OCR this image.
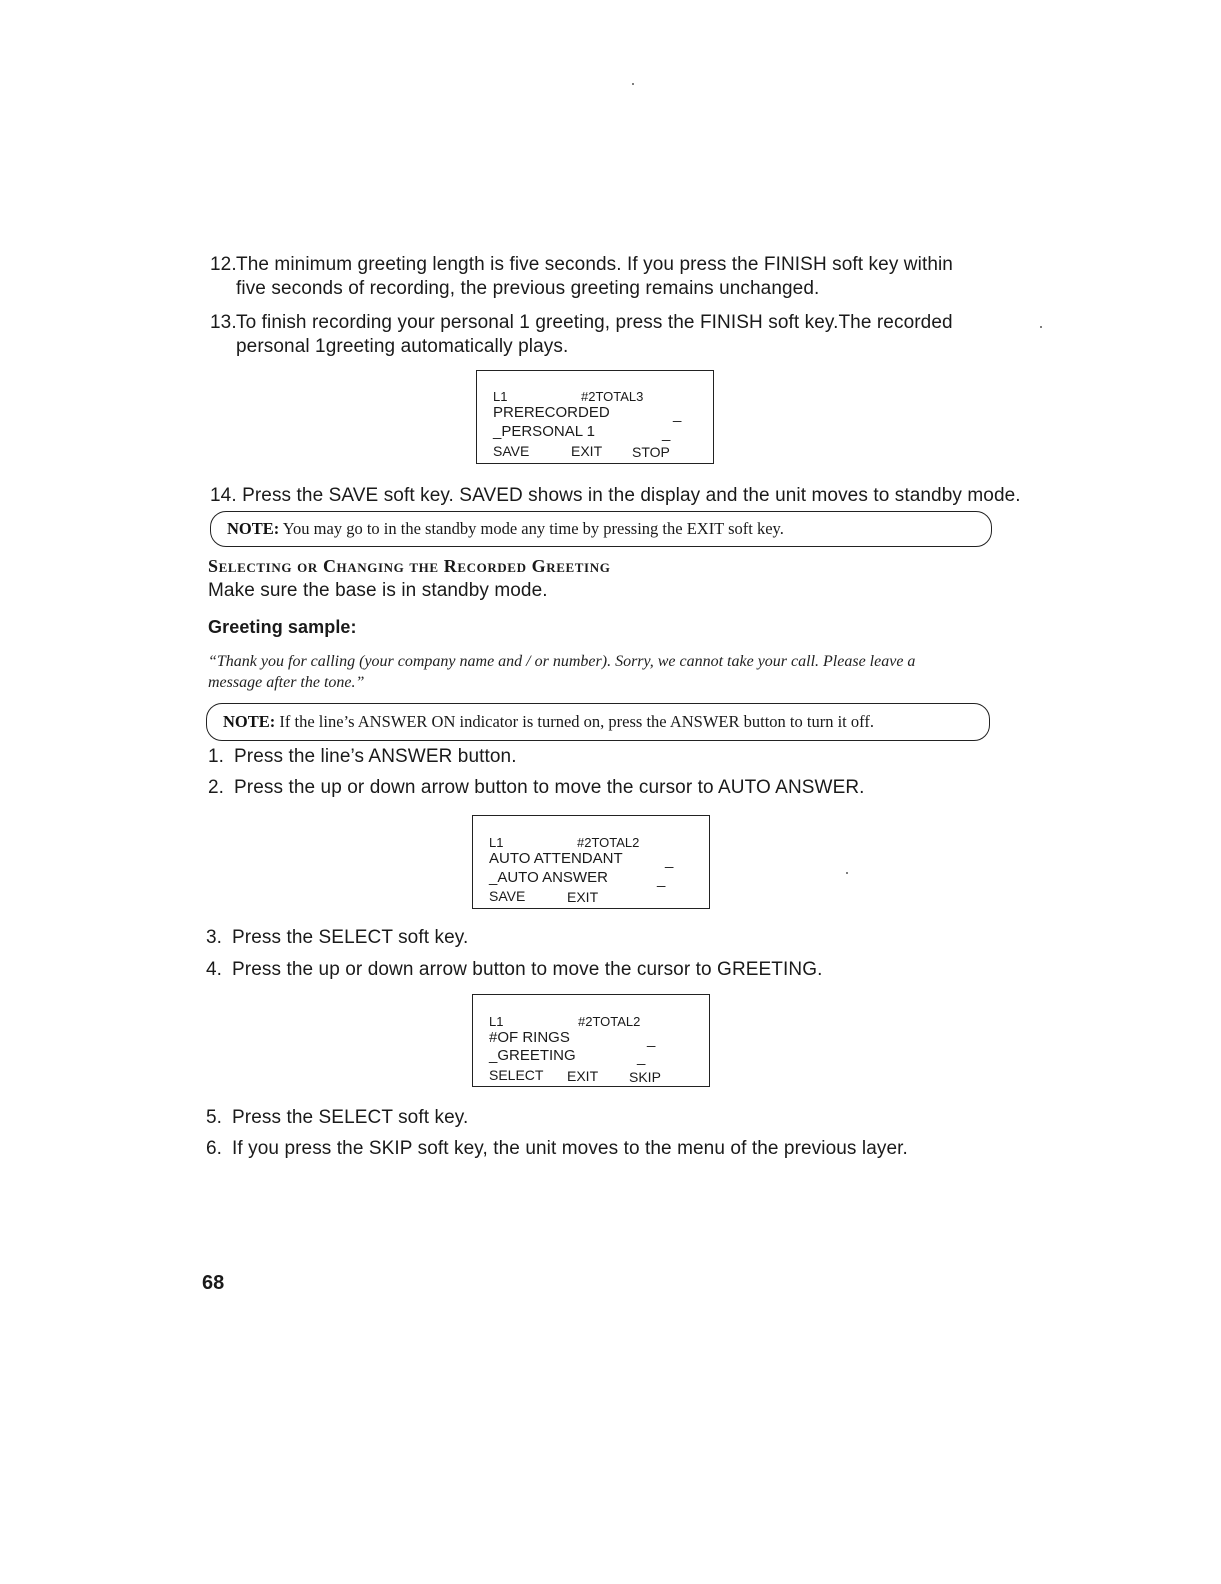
12. The minimum greeting length is five seconds. If you press the FINISH soft key within
five seconds of recording, the previous greeting remains unchanged.
13. To finish recording your personal 1 greeting, press the FINISH soft key.The recorded
personal 1greeting automatically plays.
L1	#2TOTAL3
PRERECORDED	_
_PERSONAL 1	_
SAVE	EXIT STOP
14. Press the SAVE soft key. SAVED shows in the display and the unit moves to standby mode.
NOTE: You may go to in the standby mode any time by pressing the EXIT soft key.
Selecting or Changing the Recorded Greeting
Make sure the base is in standby mode.
Greeting sample:
“Thank you for calling (your company name and / or number). Sorry, we cannot take your call. Please leave a
message after the tone.”
NOTE: If the line’s ANSWER ON indicator is turned on, press the ANSWER button to turn it off.
1. Press the line’s ANSWER button.
2. Press the up or down arrow button to move the cursor to AUTO ANSWER.
L1	#2TOTAL2
AUTO ATTENDANT	_
_AUTO ANSWER	_
SAVE	EXIT
3. Press the SELECT soft key.
4. Press the up or down arrow button to move the cursor to GREETING.
L1	#2TOTAL2
#OF RINGS	_
_GREETING	_
SELECT EXIT SKIP
5. Press the SELECT soft key.
6. If you press the SKIP soft key, the unit moves to the menu of the previous layer.
68
